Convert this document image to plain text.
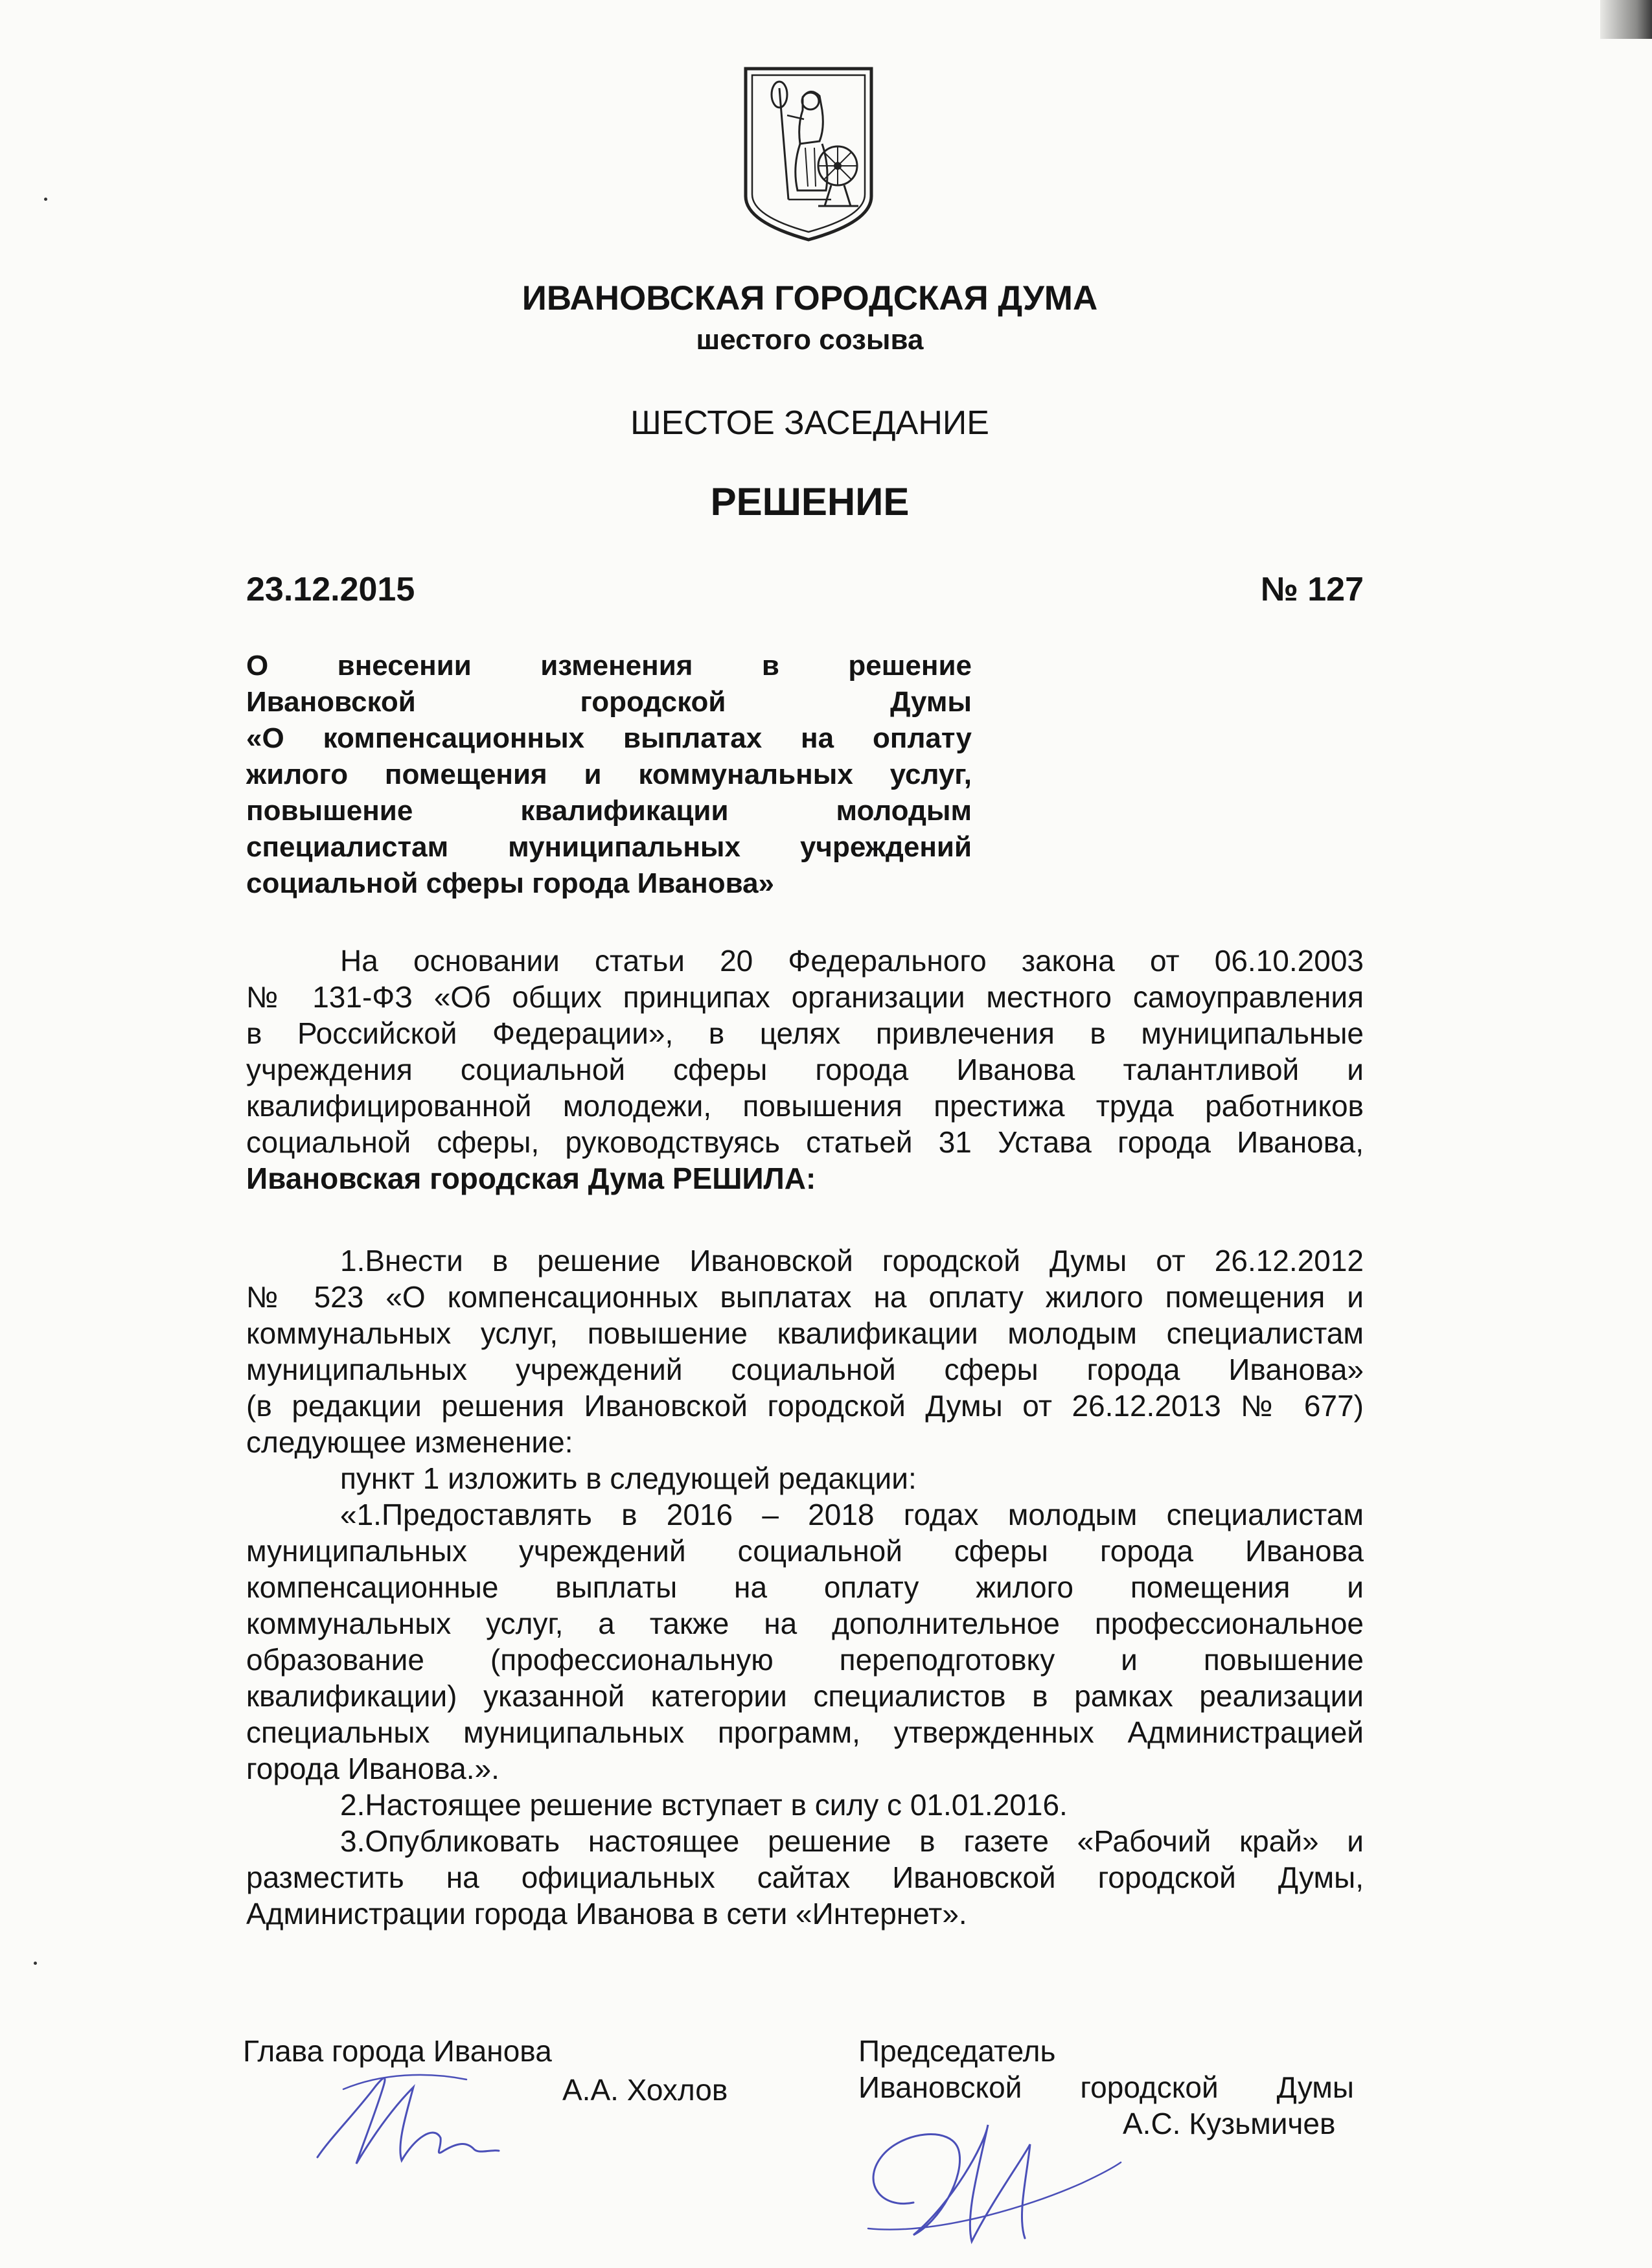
ИВАНОВСКАЯ ГОРОДСКАЯ ДУМА
шестого созыва
ШЕСТОЕ ЗАСЕДАНИЕ
РЕШЕНИЕ
23.12.2015	№ 127

О внесении изменения в решение

Ивановской городской Думы

«О компенсационных выплатах на оплату

жилого помещения и коммунальных услуг,

повышение квалификации молодым

специалистам муниципальных учреждений

социальной сферы города Иванова»

На основании статьи 20 Федерального закона от 06.10.2003

№ 131-ФЗ «Об общих принципах организации местного самоуправления

в Российской Федерации», в целях привлечения в муниципальные

учреждения социальной сферы города Иванова талантливой и

квалифицированной молодежи, повышения престижа труда работников

социальной сферы, руководствуясь статьей 31 Устава города Иванова,

Ивановская городская Дума РЕШИЛА:

1.Внести в решение Ивановской городской Думы от 26.12.2012

№ 523 «О компенсационных выплатах на оплату жилого помещения и

коммунальных услуг, повышение квалификации молодым специалистам

муниципальных учреждений социальной сферы города Иванова»

(в редакции решения Ивановской городской Думы от 26.12.2013 № 677)

следующее изменение:

пункт 1 изложить в следующей редакции:

«1.Предоставлять в 2016 – 2018 годах молодым специалистам

муниципальных учреждений социальной сферы города Иванова

компенсационные выплаты на оплату жилого помещения и

коммунальных услуг, а также на дополнительное профессиональное

образование (профессиональную переподготовку и повышение

квалификации) указанной категории специалистов в рамках реализации

специальных муниципальных программ, утвержденных Администрацией

города Иванова.».

2.Настоящее решение вступает в силу с 01.01.2016.

3.Опубликовать настоящее решение в газете «Рабочий край» и

разместить на официальных сайтах Ивановской городской Думы,

Администрации города Иванова в сети «Интернет».

Глава города Иванова
А.А. Хохлов
Председатель
Ивановской городской Думы
А.С. Кузьмичев
